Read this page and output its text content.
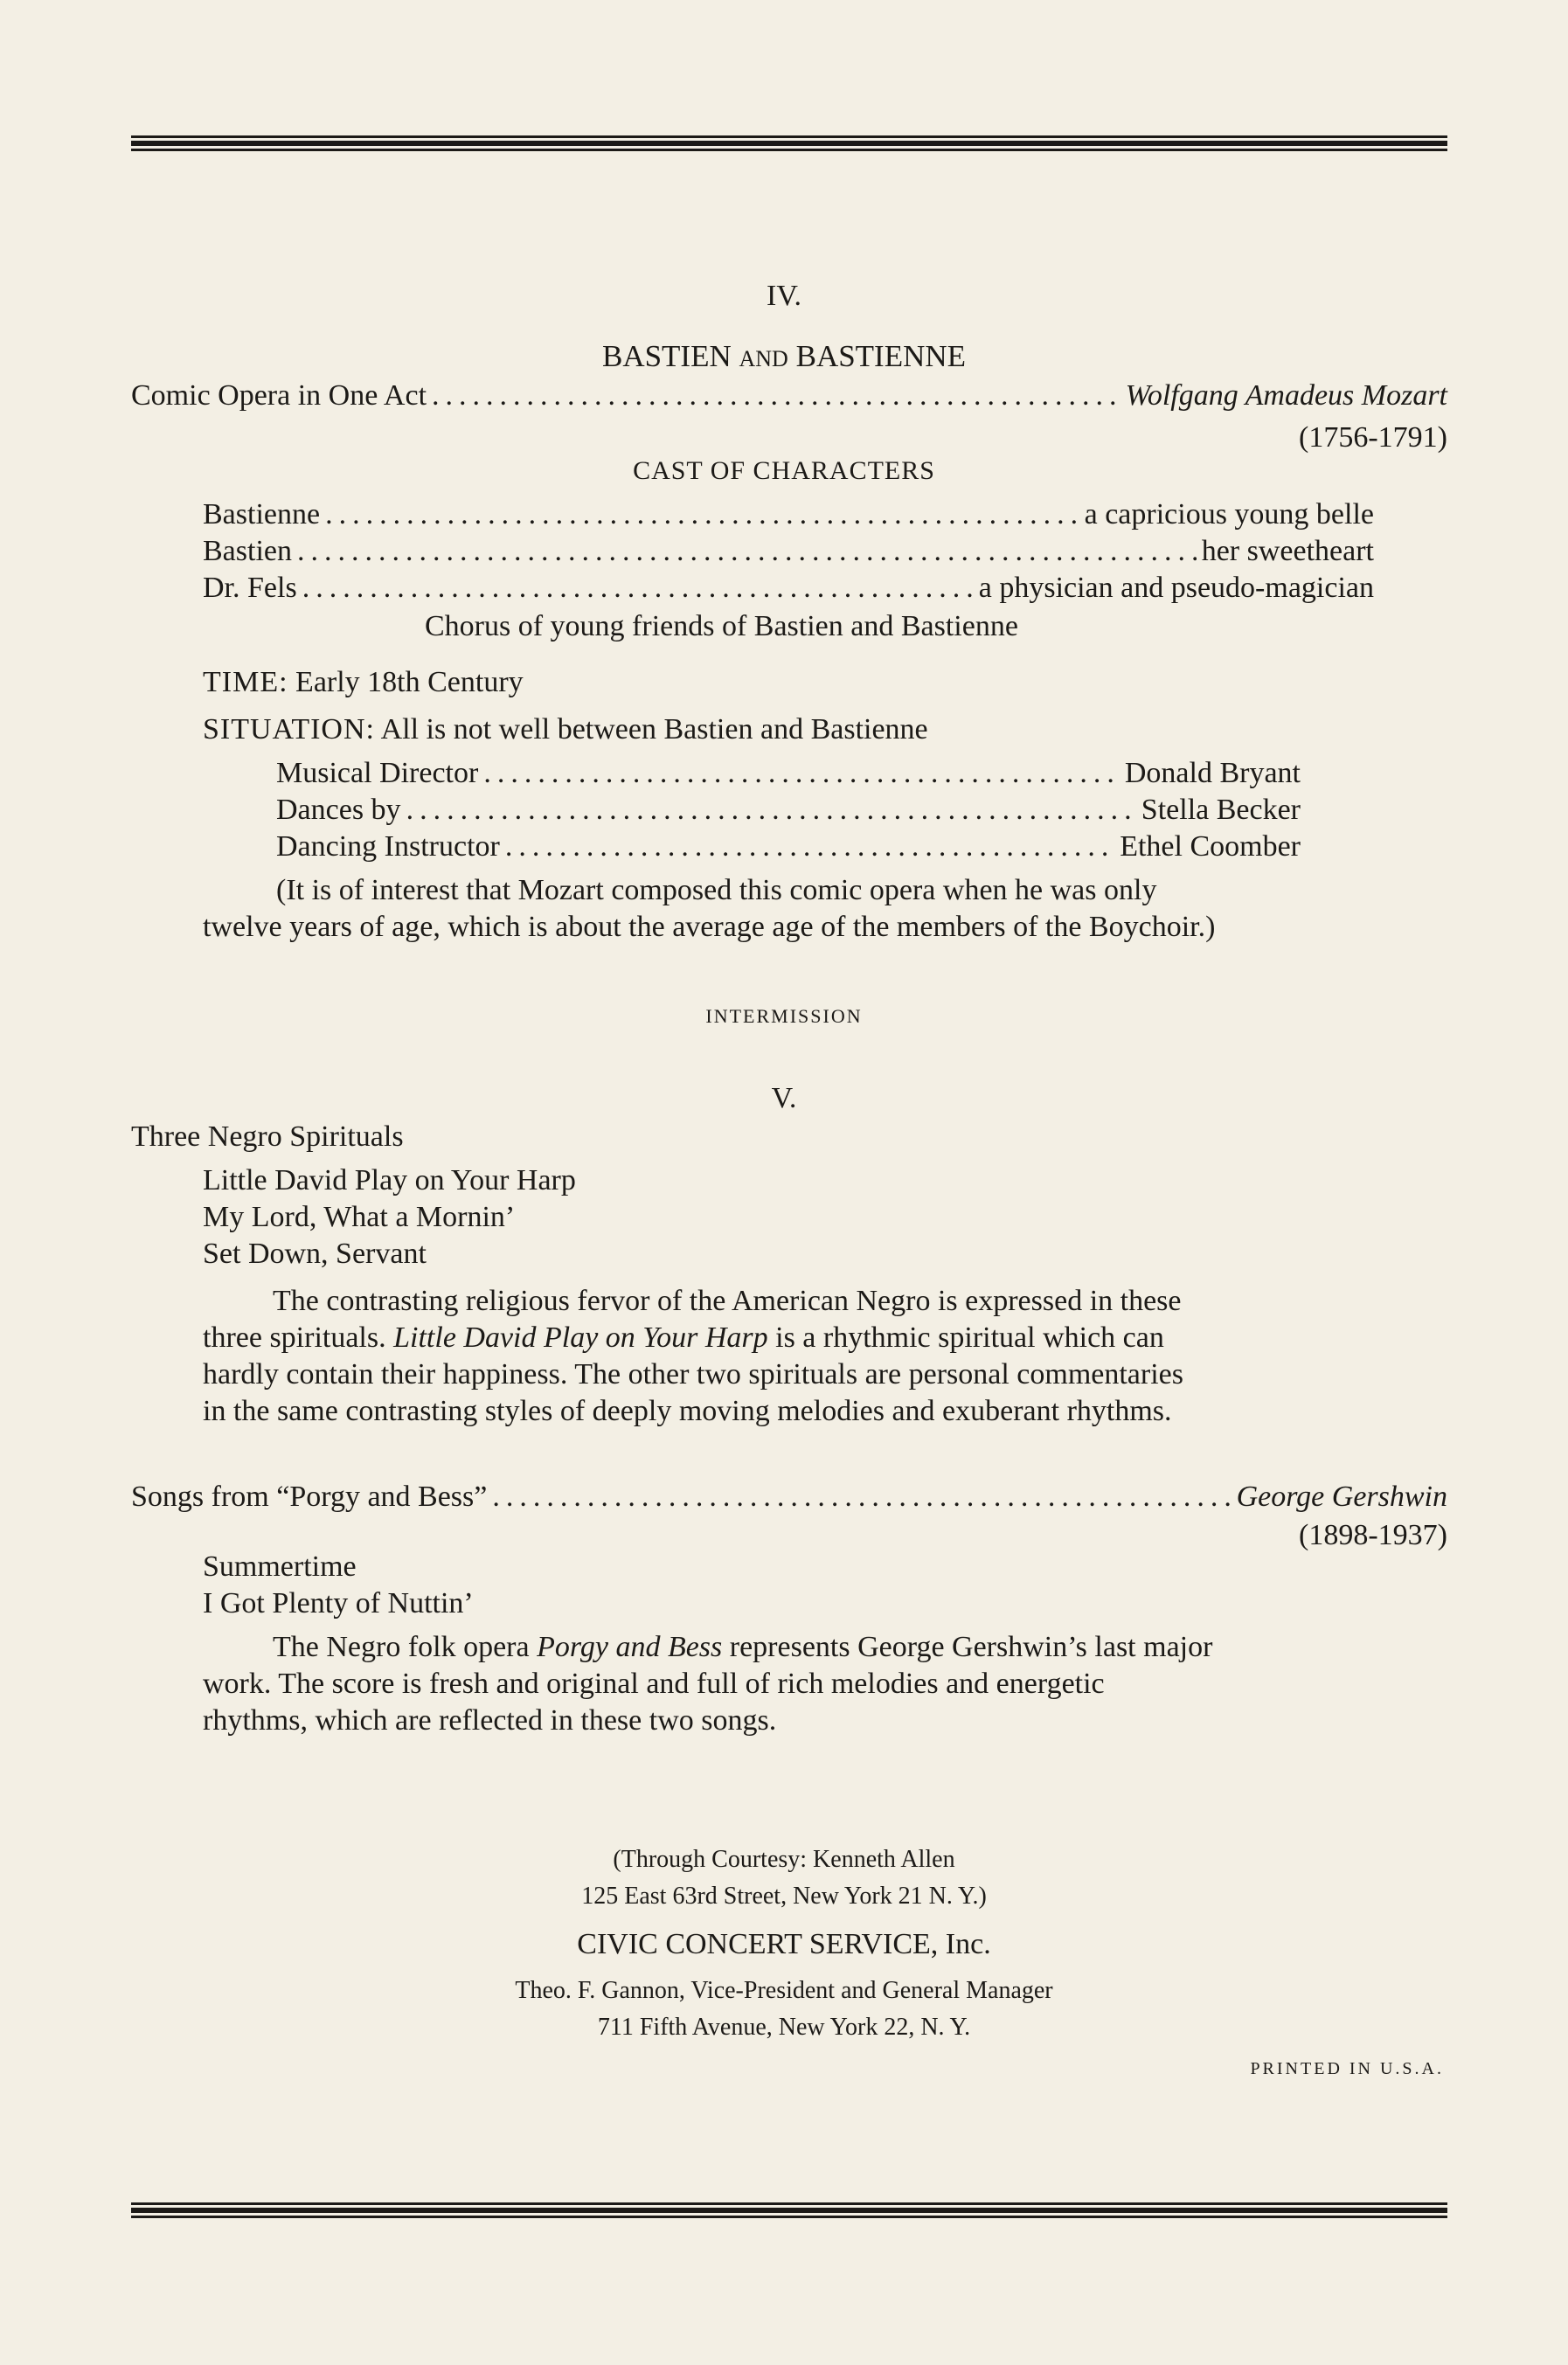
IV.
BASTIEN AND BASTIENNE
Comic Opera in One Act .....	Wolfgang Amadeus Mozart
(1756-1791)
CAST OF CHARACTERS
Bastienne .....	a capricious young belle
Bastien .....	her sweetheart
Dr. Fels .....	a physician and pseudo-magician
Chorus of young friends of Bastien and Bastienne
TIME: Early 18th Century
SITUATION: All is not well between Bastien and Bastienne
Musical Director .....	Donald Bryant
Dances by .....	Stella Becker
Dancing Instructor .....	Ethel Coomber
(It is of interest that Mozart composed this comic opera when he was only
twelve years of age, which is about the average age of the members of the Boychoir.)
INTERMISSION
V.
Three Negro Spirituals
Little David Play on Your Harp
My Lord, What a Mornin’
Set Down, Servant
The contrasting religious fervor of the American Negro is expressed in these
three spirituals. Little David Play on Your Harp is a rhythmic spiritual which can
hardly contain their happiness. The other two spirituals are personal commentaries
in the same contrasting styles of deeply moving melodies and exuberant rhythms.
Songs from “Porgy and Bess” .....	George Gershwin
(1898-1937)
Summertime
I Got Plenty of Nuttin’
The Negro folk opera Porgy and Bess represents George Gershwin’s last major
work. The score is fresh and original and full of rich melodies and energetic
rhythms, which are reflected in these two songs.
(Through Courtesy: Kenneth Allen
125 East 63rd Street, New York 21 N. Y.)
CIVIC CONCERT SERVICE, Inc.
Theo. F. Gannon, Vice-President and General Manager
711 Fifth Avenue, New York 22, N. Y.
PRINTED IN U.S.A.
